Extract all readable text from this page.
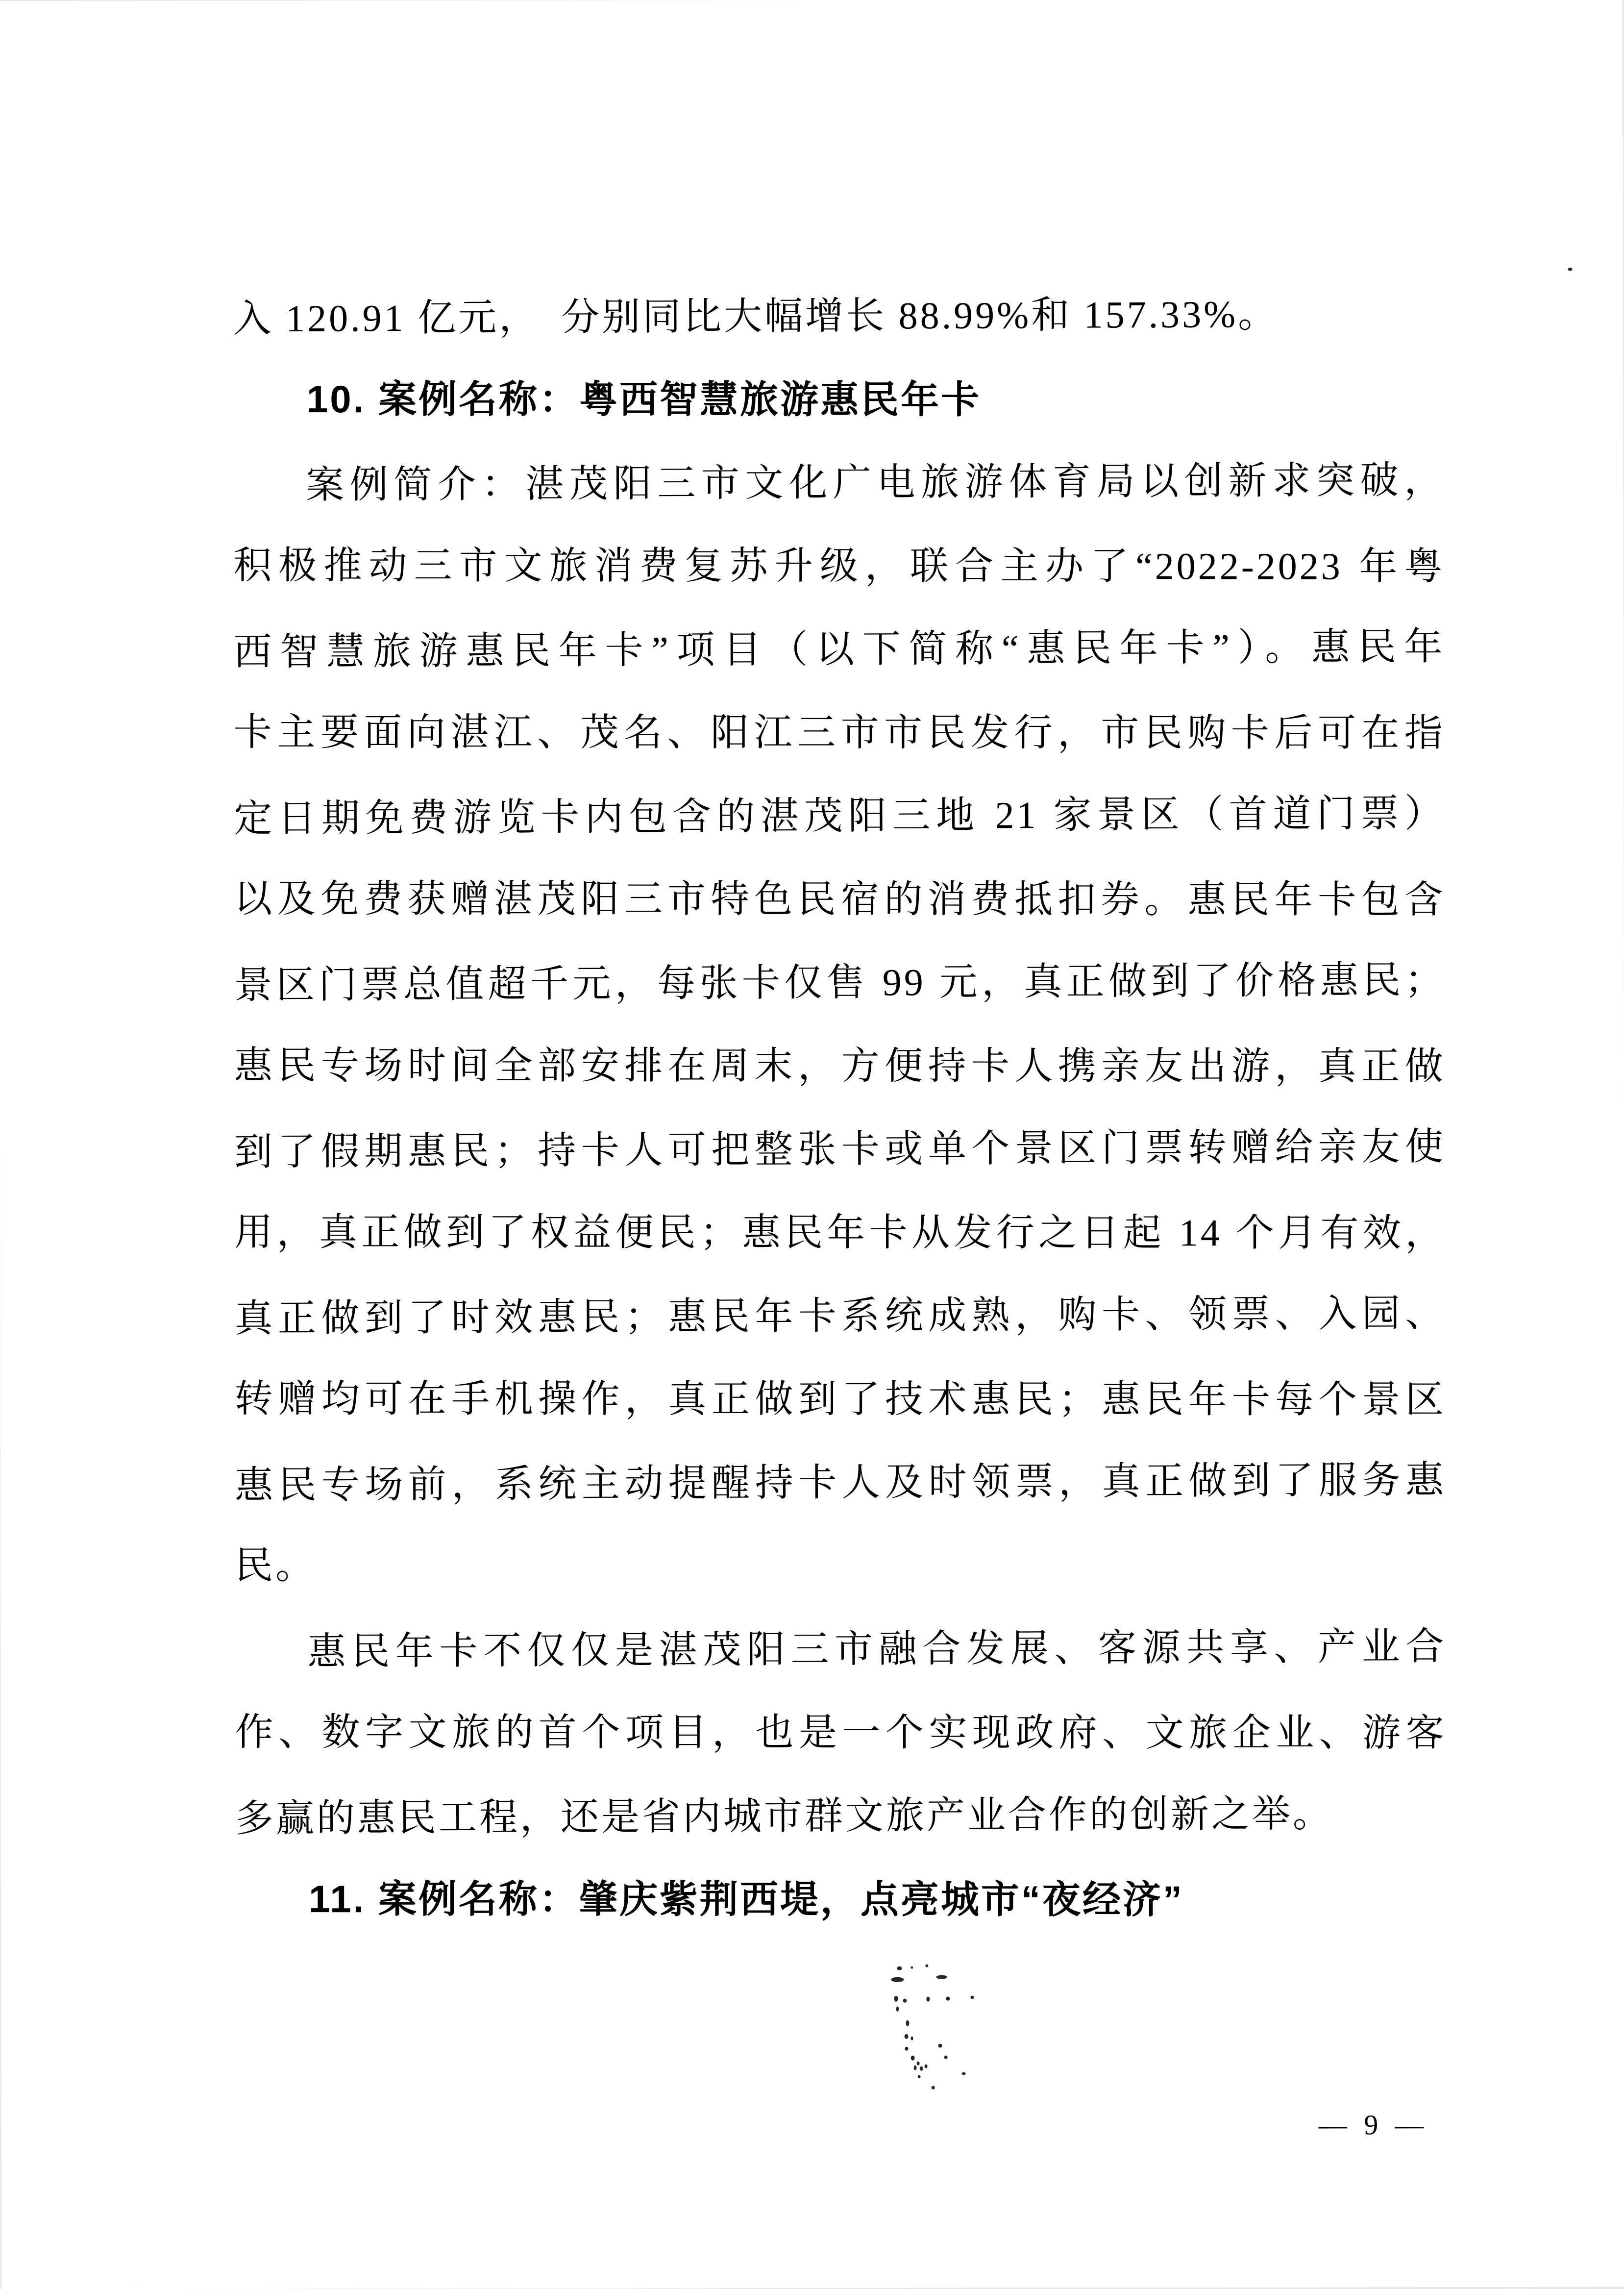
入 120.91 亿元，　分别同比大幅增长 88.99%和 157.33%。
10. 案例名称：粤西智慧旅游惠民年卡
案例简介：湛茂阳三市文化广电旅游体育局以创新求突破，
积极推动三市文旅消费复苏升级，联合主办了“2022-2023 年粤
西智慧旅游惠民年卡”项目（以下简称“惠民年卡”）。惠民年
卡主要面向湛江、茂名、阳江三市市民发行，市民购卡后可在指
定日期免费游览卡内包含的湛茂阳三地 21 家景区（首道门票）
以及免费获赠湛茂阳三市特色民宿的消费抵扣券。惠民年卡包含
景区门票总值超千元，每张卡仅售 99 元，真正做到了价格惠民；
惠民专场时间全部安排在周末，方便持卡人携亲友出游，真正做
到了假期惠民；持卡人可把整张卡或单个景区门票转赠给亲友使
用，真正做到了权益便民；惠民年卡从发行之日起 14 个月有效，
真正做到了时效惠民；惠民年卡系统成熟，购卡、领票、入园、
转赠均可在手机操作，真正做到了技术惠民；惠民年卡每个景区
惠民专场前，系统主动提醒持卡人及时领票，真正做到了服务惠
民。
惠民年卡不仅仅是湛茂阳三市融合发展、客源共享、产业合
作、数字文旅的首个项目，也是一个实现政府、文旅企业、游客
多赢的惠民工程，还是省内城市群文旅产业合作的创新之举。
11. 案例名称：肇庆紫荆西堤，点亮城市“夜经济”
— 9 —
